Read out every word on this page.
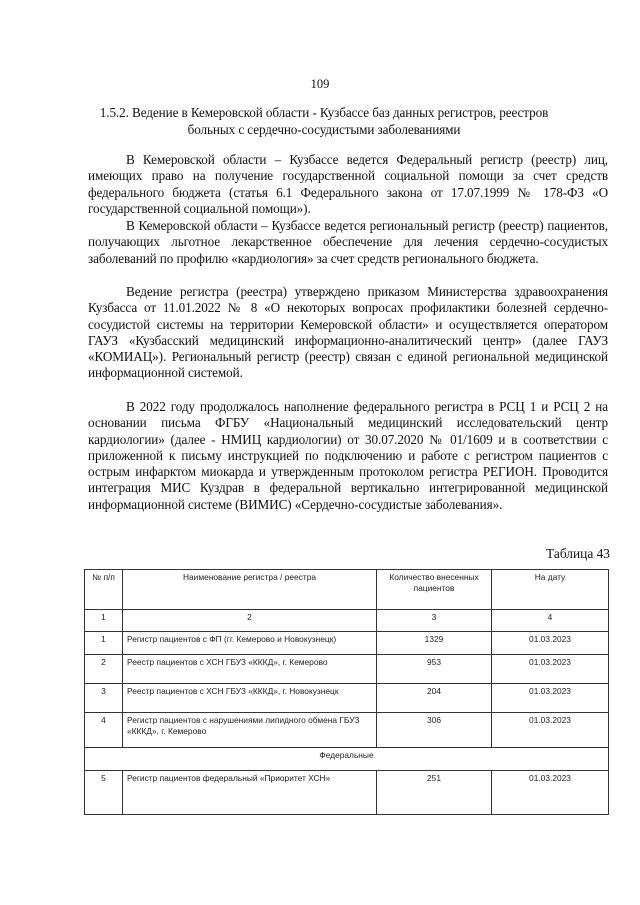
109
1.5.2. Ведение в Кемеровской области - Кузбассе баз данных регистров, реестров больных с сердечно-сосудистыми заболеваниями

В Кемеровской области – Кузбассе ведется Федеральный регистр (реестр) лиц, имеющих право на получение государственной социальной помощи за счет средств федерального бюджета (статья 6.1 Федерального закона от 17.07.1999 № 178-ФЗ «О государственной социальной помощи»).

В Кемеровской области – Кузбассе ведется региональный регистр (реестр) пациентов, получающих льготное лекарственное обеспечение для лечения сердечно-сосудистых заболеваний по профилю «кардиология» за счет средств регионального бюджета.

Ведение регистра (реестра) утверждено приказом Министерства здравоохранения Кузбасса от 11.01.2022 № 8 «О некоторых вопросах профилактики болезней сердечно-сосудистой системы на территории Кемеровской области» и осуществляется оператором ГАУЗ «Кузбасский медицинский информационно-аналитический центр» (далее ГАУЗ «КОМИАЦ»). Региональный регистр (реестр) связан с единой региональной медицинской информационной системой.

В 2022 году продолжалось наполнение федерального регистра в РСЦ 1 и РСЦ 2 на основании письма ФГБУ «Национальный медицинский исследовательский центр кардиологии» (далее - НМИЦ кардиологии) от 30.07.2020 № 01/1609 и в соответствии с приложенной к письму инструкцией по подключению и работе с регистром пациентов с острым инфарктом миокарда и утвержденным протоколом регистра РЕГИОН. Проводится интеграция МИС Куздрав в федеральной вертикально интегрированной медицинской информационной системе (ВИМИС) «Сердечно-сосудистые заболевания».

Таблица 43
№ п/п	Наименование регистра / реестра	Количество внесенных пациентов	На дату
1	2	3	4
1	Регистр пациентов с ФП (гг. Кемерово и Новокузнецк)	1329	01.03.2023
2	Реестр пациентов с ХСН ГБУЗ «КККД», г. Кемерово	953	01.03.2023
3	Реестр пациентов с ХСН ГБУЗ «КККД», г. Новокузнецк	204	01.03.2023
4	Регистр пациентов с нарушениями липидного обмена ГБУЗ «КККД», г. Кемерово	306	01.03.2023
Федеральные			
5	Регистр пациентов федеральный «Приоритет ХСН»	251	01.03.2023
